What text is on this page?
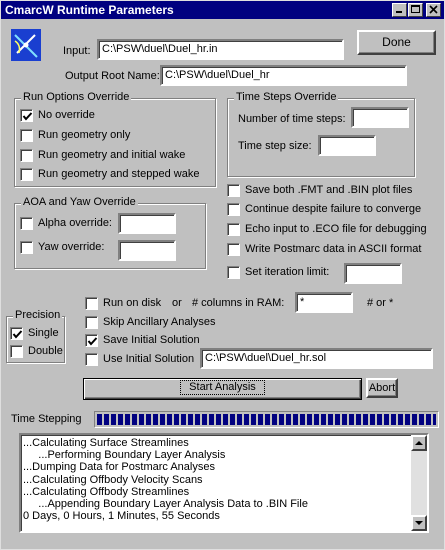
CmarcW Runtime Parameters
Input:	C:\PSW\duel\Duel_hr.in	Done
Output Root Name: C:\PSW\duel\Duel_hr
Run Options Override
No override
Run geometry only
Run geometry and initial wake
Run geometry and stepped wake
Time Steps Override
Number of time steps:
Time step size:
AOA and Yaw Override
Alpha override:
Yaw override:
Save both .FMT and .BIN plot files
Continue despite failure to converge
Echo input to .ECO file for debugging
Write Postmarc data in ASCII format
Set iteration limit:
Precision
Single
Double
Run on disk or # columns in RAM:	*	# or *
Skip Ancillary Analyses
Save Initial Solution
Use Initial Solution C:\PSW\duel\Duel_hr.sol
Start Analysis	Abort
Time Stepping
...Calculating Surface Streamlines
...Performing Boundary Layer Analysis
...Dumping Data for Postmarc Analyses
...Calculating Offbody Velocity Scans
...Calculating Offbody Streamlines
...Appending Boundary Layer Analysis Data to .BIN File
0 Days, 0 Hours, 1 Minutes, 55 Seconds
